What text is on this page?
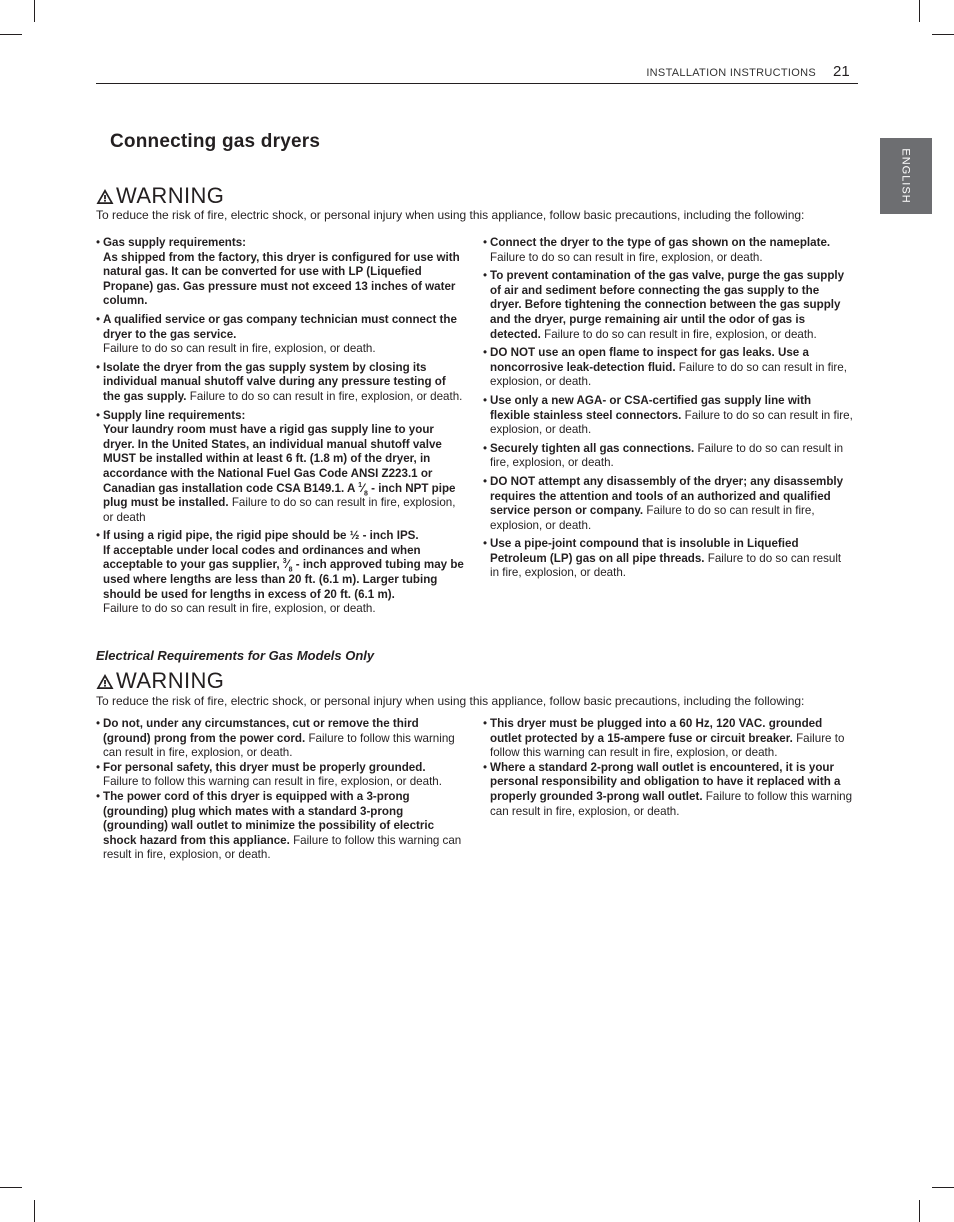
INSTALLATION INSTRUCTIONS 21
ENGLISH
Connecting gas dryers
WARNING
To reduce the risk of fire, electric shock, or personal injury when using this appliance, follow basic precautions, including the following:
• Gas supply requirements:
As shipped from the factory, this dryer is configured for use with natural gas. It can be converted for use with LP (Liquefied Propane) gas. Gas pressure must not exceed 13 inches of water column.
• A qualified service or gas company technician must connect the dryer to the gas service.
Failure to do so can result in fire, explosion, or death.
• Isolate the dryer from the gas supply system by closing its individual manual shutoff valve during any pressure testing of the gas supply. Failure to do so can result in fire, explosion, or death.
• Supply line requirements:
Your laundry room must have a rigid gas supply line to your dryer. In the United States, an individual manual shutoff valve MUST be installed within at least 6 ft. (1.8 m) of the dryer, in accordance with the National Fuel Gas Code ANSI Z223.1 or Canadian gas installation code CSA B149.1. A $^1⁄_8$ - inch NPT pipe plug must be installed. Failure to do so can result in fire, explosion, or death
• If using a rigid pipe, the rigid pipe should be ½ - inch IPS.
If acceptable under local codes and ordinances and when acceptable to your gas supplier, $^3⁄_8$ - inch approved tubing may be used where lengths are less than 20 ft. (6.1 m). Larger tubing should be used for lengths in excess of 20 ft. (6.1 m).
Failure to do so can result in fire, explosion, or death.
• Connect the dryer to the type of gas shown on the nameplate.
Failure to do so can result in fire, explosion, or death.
• To prevent contamination of the gas valve, purge the gas supply of air and sediment before connecting the gas supply to the dryer. Before tightening the connection between the gas supply and the dryer, purge remaining air until the odor of gas is detected. Failure to do so can result in fire, explosion, or death.
• DO NOT use an open flame to inspect for gas leaks. Use a noncorrosive leak-detection fluid. Failure to do so can result in fire, explosion, or death.
• Use only a new AGA- or CSA-certified gas supply line with flexible stainless steel connectors. Failure to do so can result in fire, explosion, or death.
• Securely tighten all gas connections. Failure to do so can result in fire, explosion, or death.
• DO NOT attempt any disassembly of the dryer; any disassembly requires the attention and tools of an authorized and qualified service person or company. Failure to do so can result in fire, explosion, or death.
• Use a pipe-joint compound that is insoluble in Liquefied Petroleum (LP) gas on all pipe threads. Failure to do so can result in fire, explosion, or death.
Electrical Requirements for Gas Models Only
WARNING
To reduce the risk of fire, electric shock, or personal injury when using this appliance, follow basic precautions, including the following:
• Do not, under any circumstances, cut or remove the third (ground) prong from the power cord. Failure to follow this warning can result in fire, explosion, or death.
• For personal safety, this dryer must be properly grounded.
Failure to follow this warning can result in fire, explosion, or death.
• The power cord of this dryer is equipped with a 3-prong (grounding) plug which mates with a standard 3-prong (grounding) wall outlet to minimize the possibility of electric shock hazard from this appliance. Failure to follow this warning can result in fire, explosion, or death.
• This dryer must be plugged into a 60 Hz, 120 VAC. grounded outlet protected by a 15-ampere fuse or circuit breaker. Failure to follow this warning can result in fire, explosion, or death.
• Where a standard 2-prong wall outlet is encountered, it is your personal responsibility and obligation to have it replaced with a properly grounded 3-prong wall outlet. Failure to follow this warning can result in fire, explosion, or death.
